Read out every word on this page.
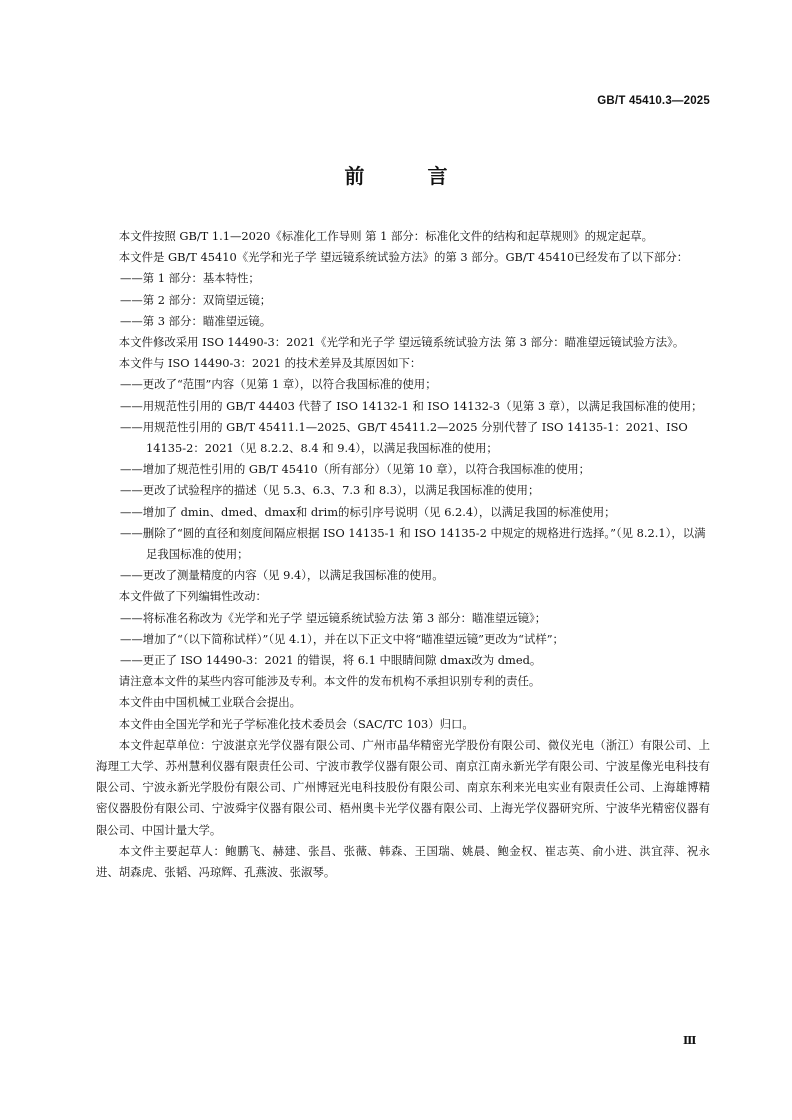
GB/T 45410.3—2025
前 言

本文件按照 GB/T 1.1—2020《标准化工作导则 第 1 部分：标准化文件的结构和起草规则》的规定起草。

本文件是 GB/T 45410《光学和光子学 望远镜系统试验方法》的第 3 部分。GB/T 45410已经发布了以下部分：

——第 1 部分：基本特性；

——第 2 部分：双筒望远镜；

——第 3 部分：瞄准望远镜。

本文件修改采用 ISO 14490-3：2021《光学和光子学 望远镜系统试验方法 第 3 部分：瞄准望远镜试验方法》。

本文件与 ISO 14490-3：2021 的技术差异及其原因如下：

——更改了“范围”内容（见第 1 章），以符合我国标准的使用；

——用规范性引用的 GB/T 44403 代替了 ISO 14132-1 和 ISO 14132-3（见第 3 章），以满足我国标准的使用；

——用规范性引用的 GB/T 45411.1—2025、GB/T 45411.2—2025 分别代替了 ISO 14135-1：2021、ISO 14135-2：2021（见 8.2.2、8.4 和 9.4），以满足我国标准的使用；

——增加了规范性引用的 GB/T 45410（所有部分）（见第 10 章），以符合我国标准的使用；

——更改了试验程序的描述（见 5.3、6.3、7.3 和 8.3），以满足我国标准的使用；

——增加了 dmin、dmed、dmax和 drim的标引序号说明（见 6.2.4），以满足我国的标准使用；

——删除了“圆的直径和刻度间隔应根据 ISO 14135-1 和 ISO 14135-2 中规定的规格进行选择。”（见 8.2.1），以满足我国标准的使用；

——更改了测量精度的内容（见 9.4），以满足我国标准的使用。

本文件做了下列编辑性改动：

——将标准名称改为《光学和光子学 望远镜系统试验方法 第 3 部分：瞄准望远镜》；

——增加了“（以下简称试样）”（见 4.1），并在以下正文中将“瞄准望远镜”更改为“试样”；

——更正了 ISO 14490-3：2021 的错误，将 6.1 中眼睛间隙 dmax改为 dmed。

请注意本文件的某些内容可能涉及专利。本文件的发布机构不承担识别专利的责任。

本文件由中国机械工业联合会提出。

本文件由全国光学和光子学标准化技术委员会（SAC/TC 103）归口。

本文件起草单位：宁波湛京光学仪器有限公司、广州市晶华精密光学股份有限公司、微仪光电（浙江）有限公司、上海理工大学、苏州慧利仪器有限责任公司、宁波市教学仪器有限公司、南京江南永新光学有限公司、宁波星像光电科技有限公司、宁波永新光学股份有限公司、广州博冠光电科技股份有限公司、南京东利来光电实业有限责任公司、上海雄博精密仪器股份有限公司、宁波舜宇仪器有限公司、梧州奥卡光学仪器有限公司、上海光学仪器研究所、宁波华光精密仪器有限公司、中国计量大学。

本文件主要起草人：鲍鹏飞、赫建、张昌、张薇、韩森、王国瑞、姚晨、鲍金权、崔志英、俞小进、洪宜萍、祝永进、胡森虎、张韬、冯琼辉、孔燕波、张淑琴。

Ⅲ
